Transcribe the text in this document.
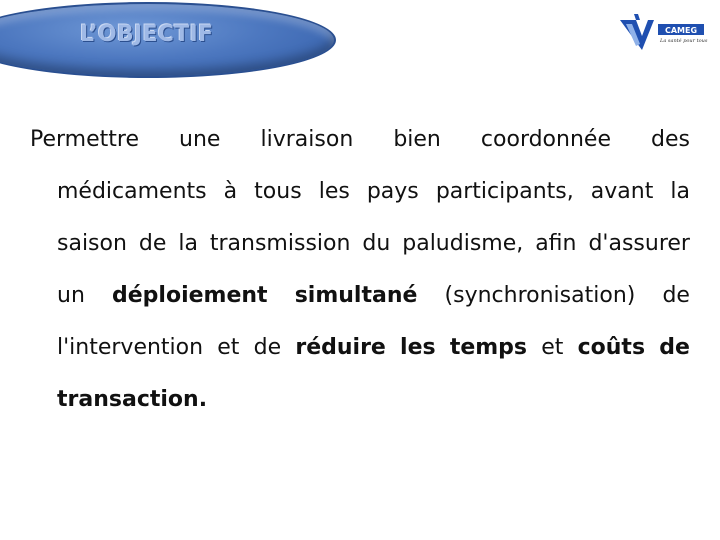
L’OBJECTIF	CAMEG
La santé pour tous
Permettre une livraison bien coordonnée des
médicaments à tous les pays participants, avant la
saison de la transmission du paludisme, afin d'assurer
un déploiement simultané (synchronisation) de
l'intervention et de réduire les temps et coûts de
transaction.
